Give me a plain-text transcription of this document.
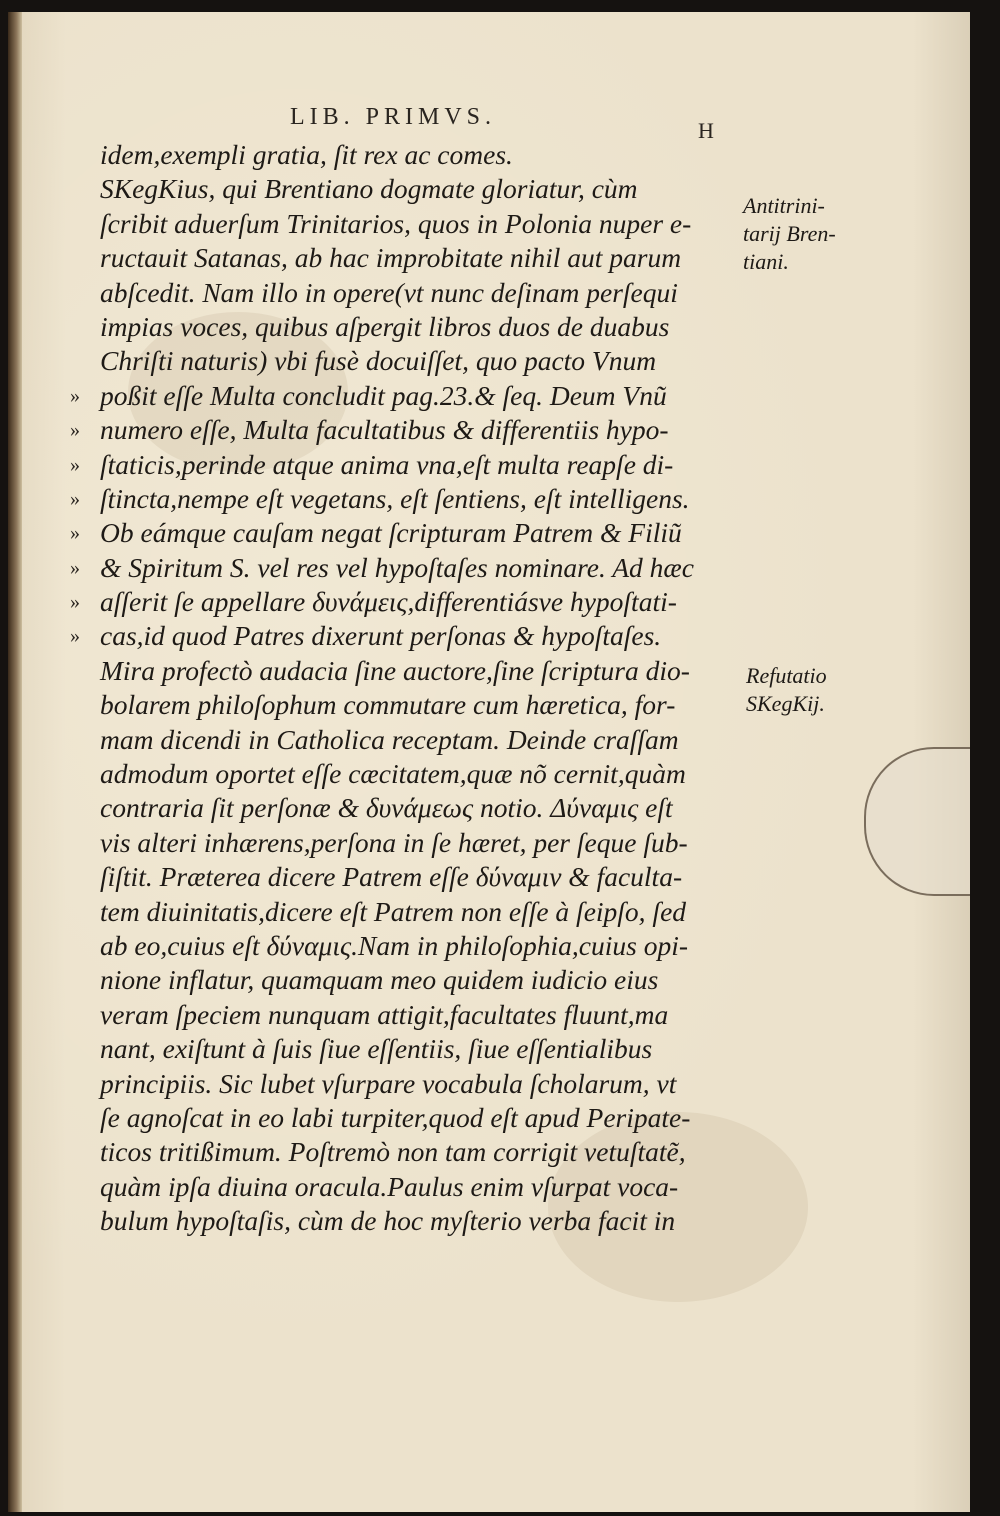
LIB. PRIMVS.
H
idem,exempli gratia, ſit rex ac comes.
SKegKius, qui Brentiano dogmate gloriatur, cùm
ſcribit aduerſum Trinitarios, quos in Polonia nuper e-
ructauit Satanas, ab hac improbitate nihil aut parum
abſcedit. Nam illo in opere(vt nunc deſinam perſequi
impias voces, quibus aſpergit libros duos de duabus
Chriſti naturis) vbi fusè docuiſſet, quo pacto Vnum
» poßit eſſe Multa concludit pag.23.& ſeq. Deum Vnũ
» numero eſſe, Multa facultatibus & differentiis hypo-
» ſtaticis,perinde atque anima vna,eſt multa reapſe di-
» ſtincta,nempe eſt vegetans, eſt ſentiens, eſt intelligens.
» Ob eámque cauſam negat ſcripturam Patrem & Filiũ
» & Spiritum S. vel res vel hypoſtaſes nominare. Ad hæc
» aſſerit ſe appellare δυνάμεις,differentiásve hypoſtati-
» cas,id quod Patres dixerunt perſonas & hypoſtaſes.
Mira profectò audacia ſine auctore,ſine ſcriptura dio-
bolarem philoſophum commutare cum hæretica, for-
mam dicendi in Catholica receptam. Deinde craſſam
admodum oportet eſſe cæcitatem,quæ nõ cernit,quàm
contraria ſit perſonæ & δυνάμεως notio. Δύναμις eſt
vis alteri inhærens,perſona in ſe hæret, per ſeque ſub-
ſiſtit. Præterea dicere Patrem eſſe δύναμιν & faculta-
tem diuinitatis,dicere eſt Patrem non eſſe à ſeipſo, ſed
ab eo,cuius eſt δύναμις.Nam in philoſophia,cuius opi-
nione inflatur, quamquam meo quidem iudicio eius
veram ſpeciem nunquam attigit,facultates fluunt,ma
nant, exiſtunt à ſuis ſiue eſſentiis, ſiue eſſentialibus
principiis. Sic lubet vſurpare vocabula ſcholarum, vt
ſe agnoſcat in eo labi turpiter,quod eſt apud Peripate-
ticos tritißimum. Poſtremò non tam corrigit vetuſtatẽ,
quàm ipſa diuina oracula.Paulus enim vſurpat voca-
bulum hypoſtaſis, cùm de hoc myſterio verba facit in
Antitrini-
tarij Bren-
tiani.
Refutatio
SKegKij.
